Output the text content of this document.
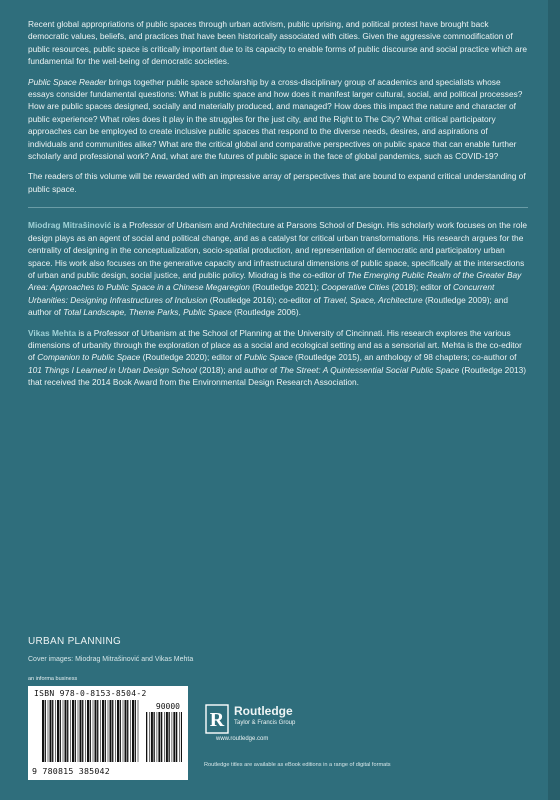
Recent global appropriations of public spaces through urban activism, public uprising, and political protest have brought back democratic values, beliefs, and practices that have been historically associated with cities. Given the aggressive commodification of public resources, public space is critically important due to its capacity to enable forms of public discourse and social practice which are fundamental for the well-being of democratic societies.

Public Space Reader brings together public space scholarship by a cross-disciplinary group of academics and specialists whose essays consider fundamental questions: What is public space and how does it manifest larger cultural, social, and political processes? How are public spaces designed, socially and materially produced, and managed? How does this impact the nature and character of public experience? What roles does it play in the struggles for the just city, and the Right to The City? What critical participatory approaches can be employed to create inclusive public spaces that respond to the diverse needs, desires, and aspirations of individuals and communities alike? What are the critical global and comparative perspectives on public space that can enable further scholarly and professional work? And, what are the futures of public space in the face of global pandemics, such as COVID-19?

The readers of this volume will be rewarded with an impressive array of perspectives that are bound to expand critical understanding of public space.

Miodrag Mitrašinović is a Professor of Urbanism and Architecture at Parsons School of Design. His scholarly work focuses on the role design plays as an agent of social and political change, and as a catalyst for critical urban transformations. His research argues for the centrality of designing in the conceptualization, socio-spatial production, and representation of democratic and participatory urban space. His work also focuses on the generative capacity and infrastructural dimensions of public space, specifically at the intersections of urban and public design, social justice, and public policy. Miodrag is the co-editor of The Emerging Public Realm of the Greater Bay Area: Approaches to Public Space in a Chinese Megaregion (Routledge 2021); Cooperative Cities (2018); editor of Concurrent Urbanities: Designing Infrastructures of Inclusion (Routledge 2016); co-editor of Travel, Space, Architecture (Routledge 2009); and author of Total Landscape, Theme Parks, Public Space (Routledge 2006).

Vikas Mehta is a Professor of Urbanism at the School of Planning at the University of Cincinnati. His research explores the various dimensions of urbanity through the exploration of place as a social and ecological setting and as a sensorial art. Mehta is the co-editor of Companion to Public Space (Routledge 2020); editor of Public Space (Routledge 2015), an anthology of 98 chapters; co-author of 101 Things I Learned in Urban Design School (2018); and author of The Street: A Quintessential Social Public Space (Routledge 2013) that received the 2014 Book Award from the Environmental Design Research Association.

URBAN PLANNING
Cover images: Miodrag Mitrašinović and Vikas Mehta
an informa business
ISBN 978-0-8153-8504-2
90000
9 780815 385042
R Routledge
Taylor & Francis Group
www.routledge.com
Routledge titles are available as eBook editions in a range of digital formats
